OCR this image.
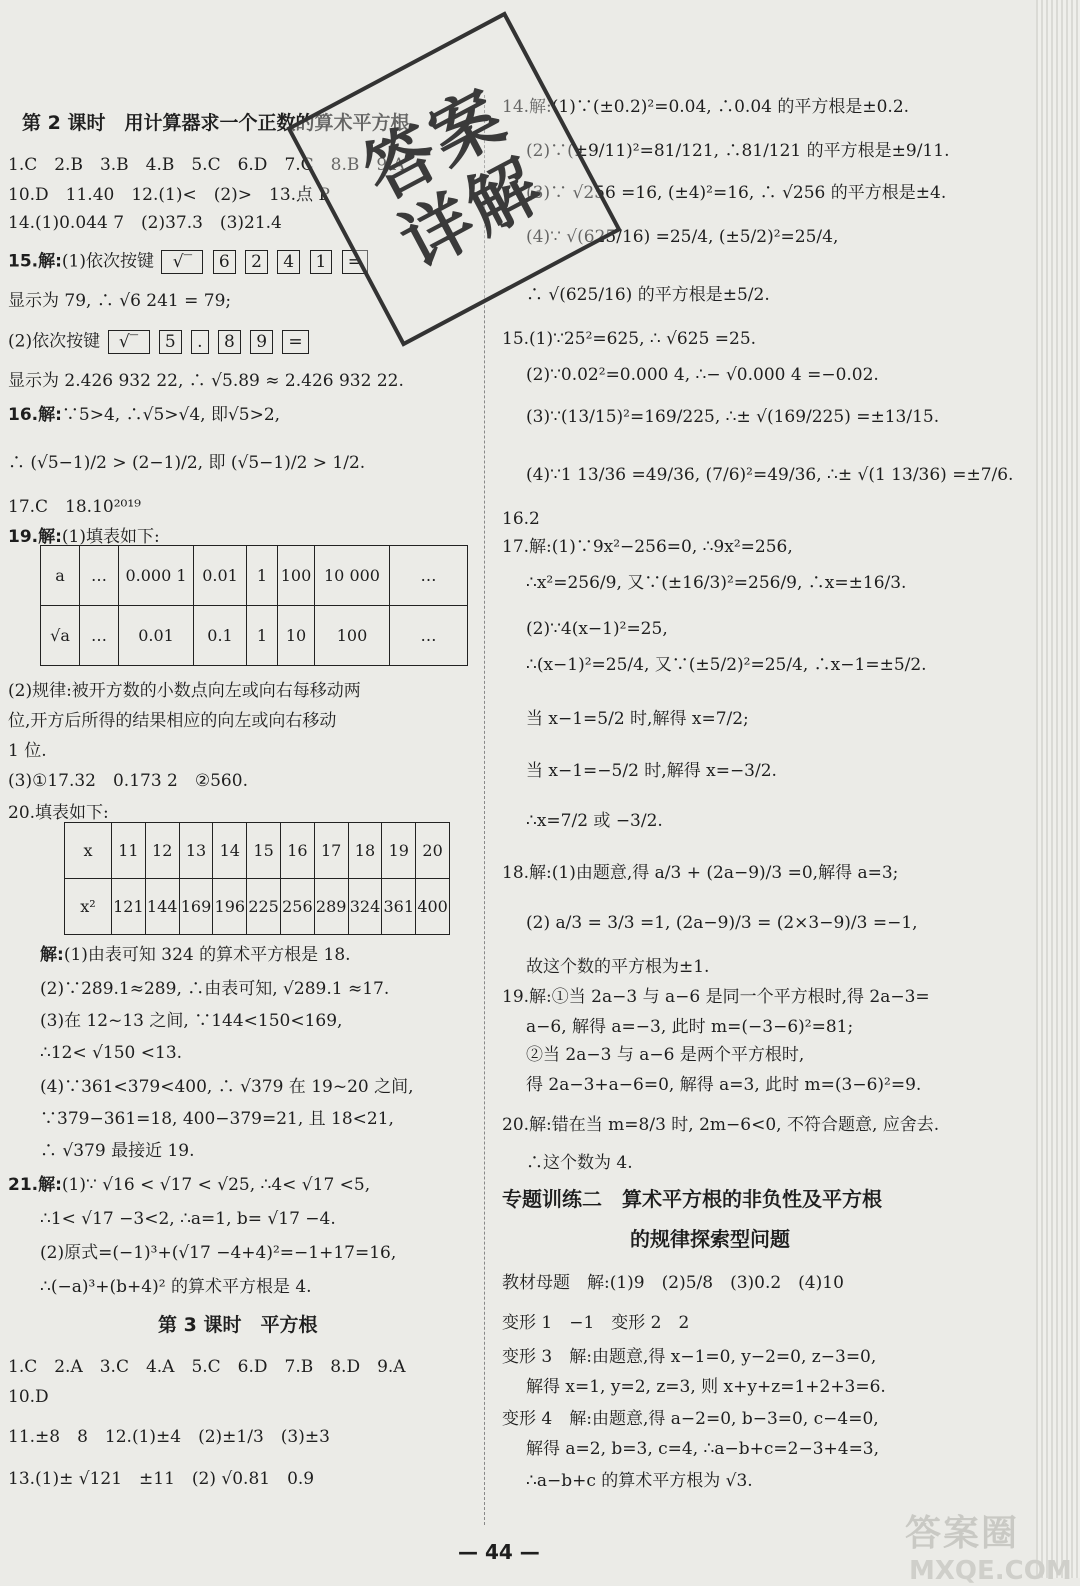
第 2 课时　用计算器求一个正数的算术平方根
1.C　2.B　3.B　4.B　5.C　6.D　7.C　8.B　9.A
10.D　11.40　12.(1)<　(2)>　13.点 P
14.(1)0.044 7　(2)37.3　(3)21.4
15.解:(1)依次按键 √‾ 6 2 4 1 =
显示为 79, ∴ √6 241 = 79;
(2)依次按键 √‾ 5 . 8 9 =
显示为 2.426 932 22, ∴ √5.89 ≈ 2.426 932 22.
16.解:∵5>4, ∴√5>√4, 即√5>2,
∴ (√5−1)/2 > (2−1)/2, 即 (√5−1)/2 > 1/2.
17.C　18.10²⁰¹⁹
19.解:(1)填表如下:
a	…	0.000 1	0.01	1	100	10 000	…
√a	…	0.01	0.1	1	10	100	…
(2)规律:被开方数的小数点向左或向右每移动两
位,开方后所得的结果相应的向左或向右移动
1 位.
(3)①17.32　0.173 2　②560.
20.填表如下:
x	11	12	13	14	15	16	17	18	19	20
x²	121	144	169	196	225	256	289	324	361	400
解:(1)由表可知 324 的算术平方根是 18.
(2)∵289.1≈289, ∴由表可知, √289.1 ≈17.
(3)在 12~13 之间, ∵144<150<169,
∴12< √150 <13.
(4)∵361<379<400, ∴ √379 在 19~20 之间,
∵379−361=18, 400−379=21, 且 18<21,
∴ √379 最接近 19.
21.解:(1)∵ √16 < √17 < √25, ∴4< √17 <5,
∴1< √17 −3<2, ∴a=1, b= √17 −4.
(2)原式=(−1)³+(√17 −4+4)²=−1+17=16,
∴(−a)³+(b+4)² 的算术平方根是 4.
第 3 课时　平方根
1.C　2.A　3.C　4.A　5.C　6.D　7.B　8.D　9.A
10.D
11.±8　8　12.(1)±4　(2)±1/3　(3)±3
13.(1)± √121　±11　(2) √0.81　0.9
14.解:(1)∵(±0.2)²=0.04, ∴0.04 的平方根是±0.2.
(2)∵(±9/11)²=81/121, ∴81/121 的平方根是±9/11.
(3)∵ √256 =16, (±4)²=16, ∴ √256 的平方根是±4.
(4)∵ √(625/16) =25/4, (±5/2)²=25/4,
∴ √(625/16) 的平方根是±5/2.
15.(1)∵25²=625, ∴ √625 =25.
(2)∵0.02²=0.000 4, ∴− √0.000 4 =−0.02.
(3)∵(13/15)²=169/225, ∴± √(169/225) =±13/15.
(4)∵1 13/36 =49/36, (7/6)²=49/36, ∴± √(1 13/36) =±7/6.
16.2
17.解:(1)∵9x²−256=0, ∴9x²=256,
∴x²=256/9, 又∵(±16/3)²=256/9, ∴x=±16/3.
(2)∵4(x−1)²=25,
∴(x−1)²=25/4, 又∵(±5/2)²=25/4, ∴x−1=±5/2.
当 x−1=5/2 时,解得 x=7/2;
当 x−1=−5/2 时,解得 x=−3/2.
∴x=7/2 或 −3/2.
18.解:(1)由题意,得 a/3 + (2a−9)/3 =0,解得 a=3;
(2) a/3 = 3/3 =1, (2a−9)/3 = (2×3−9)/3 =−1,
故这个数的平方根为±1.
19.解:①当 2a−3 与 a−6 是同一个平方根时,得 2a−3=
a−6, 解得 a=−3, 此时 m=(−3−6)²=81;
②当 2a−3 与 a−6 是两个平方根时,
得 2a−3+a−6=0, 解得 a=3, 此时 m=(3−6)²=9.
20.解:错在当 m=8/3 时, 2m−6<0, 不符合题意, 应舍去.
∴这个数为 4.
专题训练二　算术平方根的非负性及平方根
的规律探索型问题
教材母题　解:(1)9　(2)5/8　(3)0.2　(4)10
变形 1　−1　变形 2　2
变形 3　解:由题意,得 x−1=0, y−2=0, z−3=0,
解得 x=1, y=2, z=3, 则 x+y+z=1+2+3=6.
变形 4　解:由题意,得 a−2=0, b−3=0, c−4=0,
解得 a=2, b=3, c=4, ∴a−b+c=2−3+4=3,
∴a−b+c 的算术平方根为 √3.
答案
详解
— 44 —	答案圈
MXQE.COM
